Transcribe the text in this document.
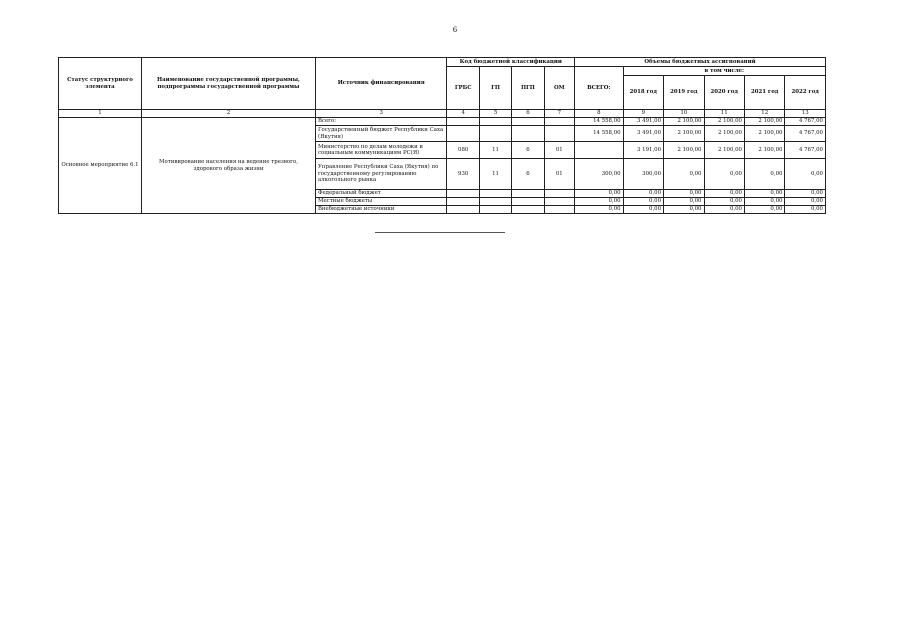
6
Статус структурного элемента	Наименование государственной программы, подпрограммы государственной программы	Источник финансирования	Код бюджетной классификации				Объемы бюджетных ассигнований					
			ГРБС	ГП	ПГП	ОМ	ВСЕГО:	в том числе:				
								2018 год	2019 год	2020 год	2021 год	2022 год
1	2	3	4	5	6	7	8	9	10	11	12	13
Основное мероприятие 6.1	Мотивирование населения на ведение трезвого, здорового образа жизни	Всего:					14 558,00	3 491,00	2 100,00	2 100,00	2 100,00	4 767,00
		Государственный бюджет Республики Саха (Якутия)					14 558,00	3 491,00	2 100,00	2 100,00	2 100,00	4 767,00
		Министерство по делам молодежи и социальным коммуникациям РС(Я)	080	11	6	01		3 191,00	2 100,00	2 100,00	2 100,00	4 767,00
		Управление Республики Саха (Якутия) по государственному регулированию алкогольного рынка	930	11	6	01	300,00	300,00	0,00	0,00	0,00	0,00
		Федеральный бюджет					0,00	0,00	0,00	0,00	0,00	0,00
		Местные бюджеты					0,00	0,00	0,00	0,00	0,00	0,00
		Внебюджетные источники					0,00	0,00	0,00	0,00	0,00	0,00
